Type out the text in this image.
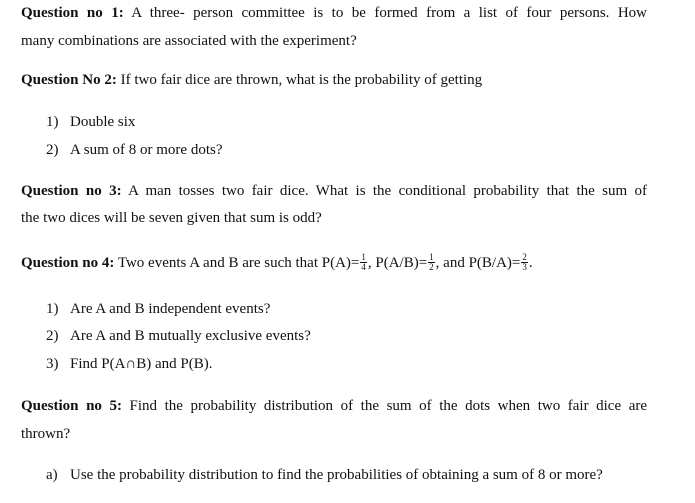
Question no 1: A three- person committee is to be formed from a list of four persons. How
many combinations are associated with the experiment?
Question No 2: If two fair dice are thrown, what is the probability of getting
1) Double six
2) A sum of 8 or more dots?
Question no 3: A man tosses two fair dice. What is the conditional probability that the sum of
the two dices will be seven given that sum is odd?
Question no 4: Two events A and B are such that $P(A)= \frac{1}{4}$ , $P(A/B)= \frac{1}{2}$ , and $P(B/A)= \frac{2}{3}$ .
1) Are A and B independent events?
2) Are A and B mutually exclusive events?
3) Find P(A∩B) and P(B).
Question no 5: Find the probability distribution of the sum of the dots when two fair dice are
thrown?
a) Use the probability distribution to find the probabilities of obtaining a sum of 8 or more?
